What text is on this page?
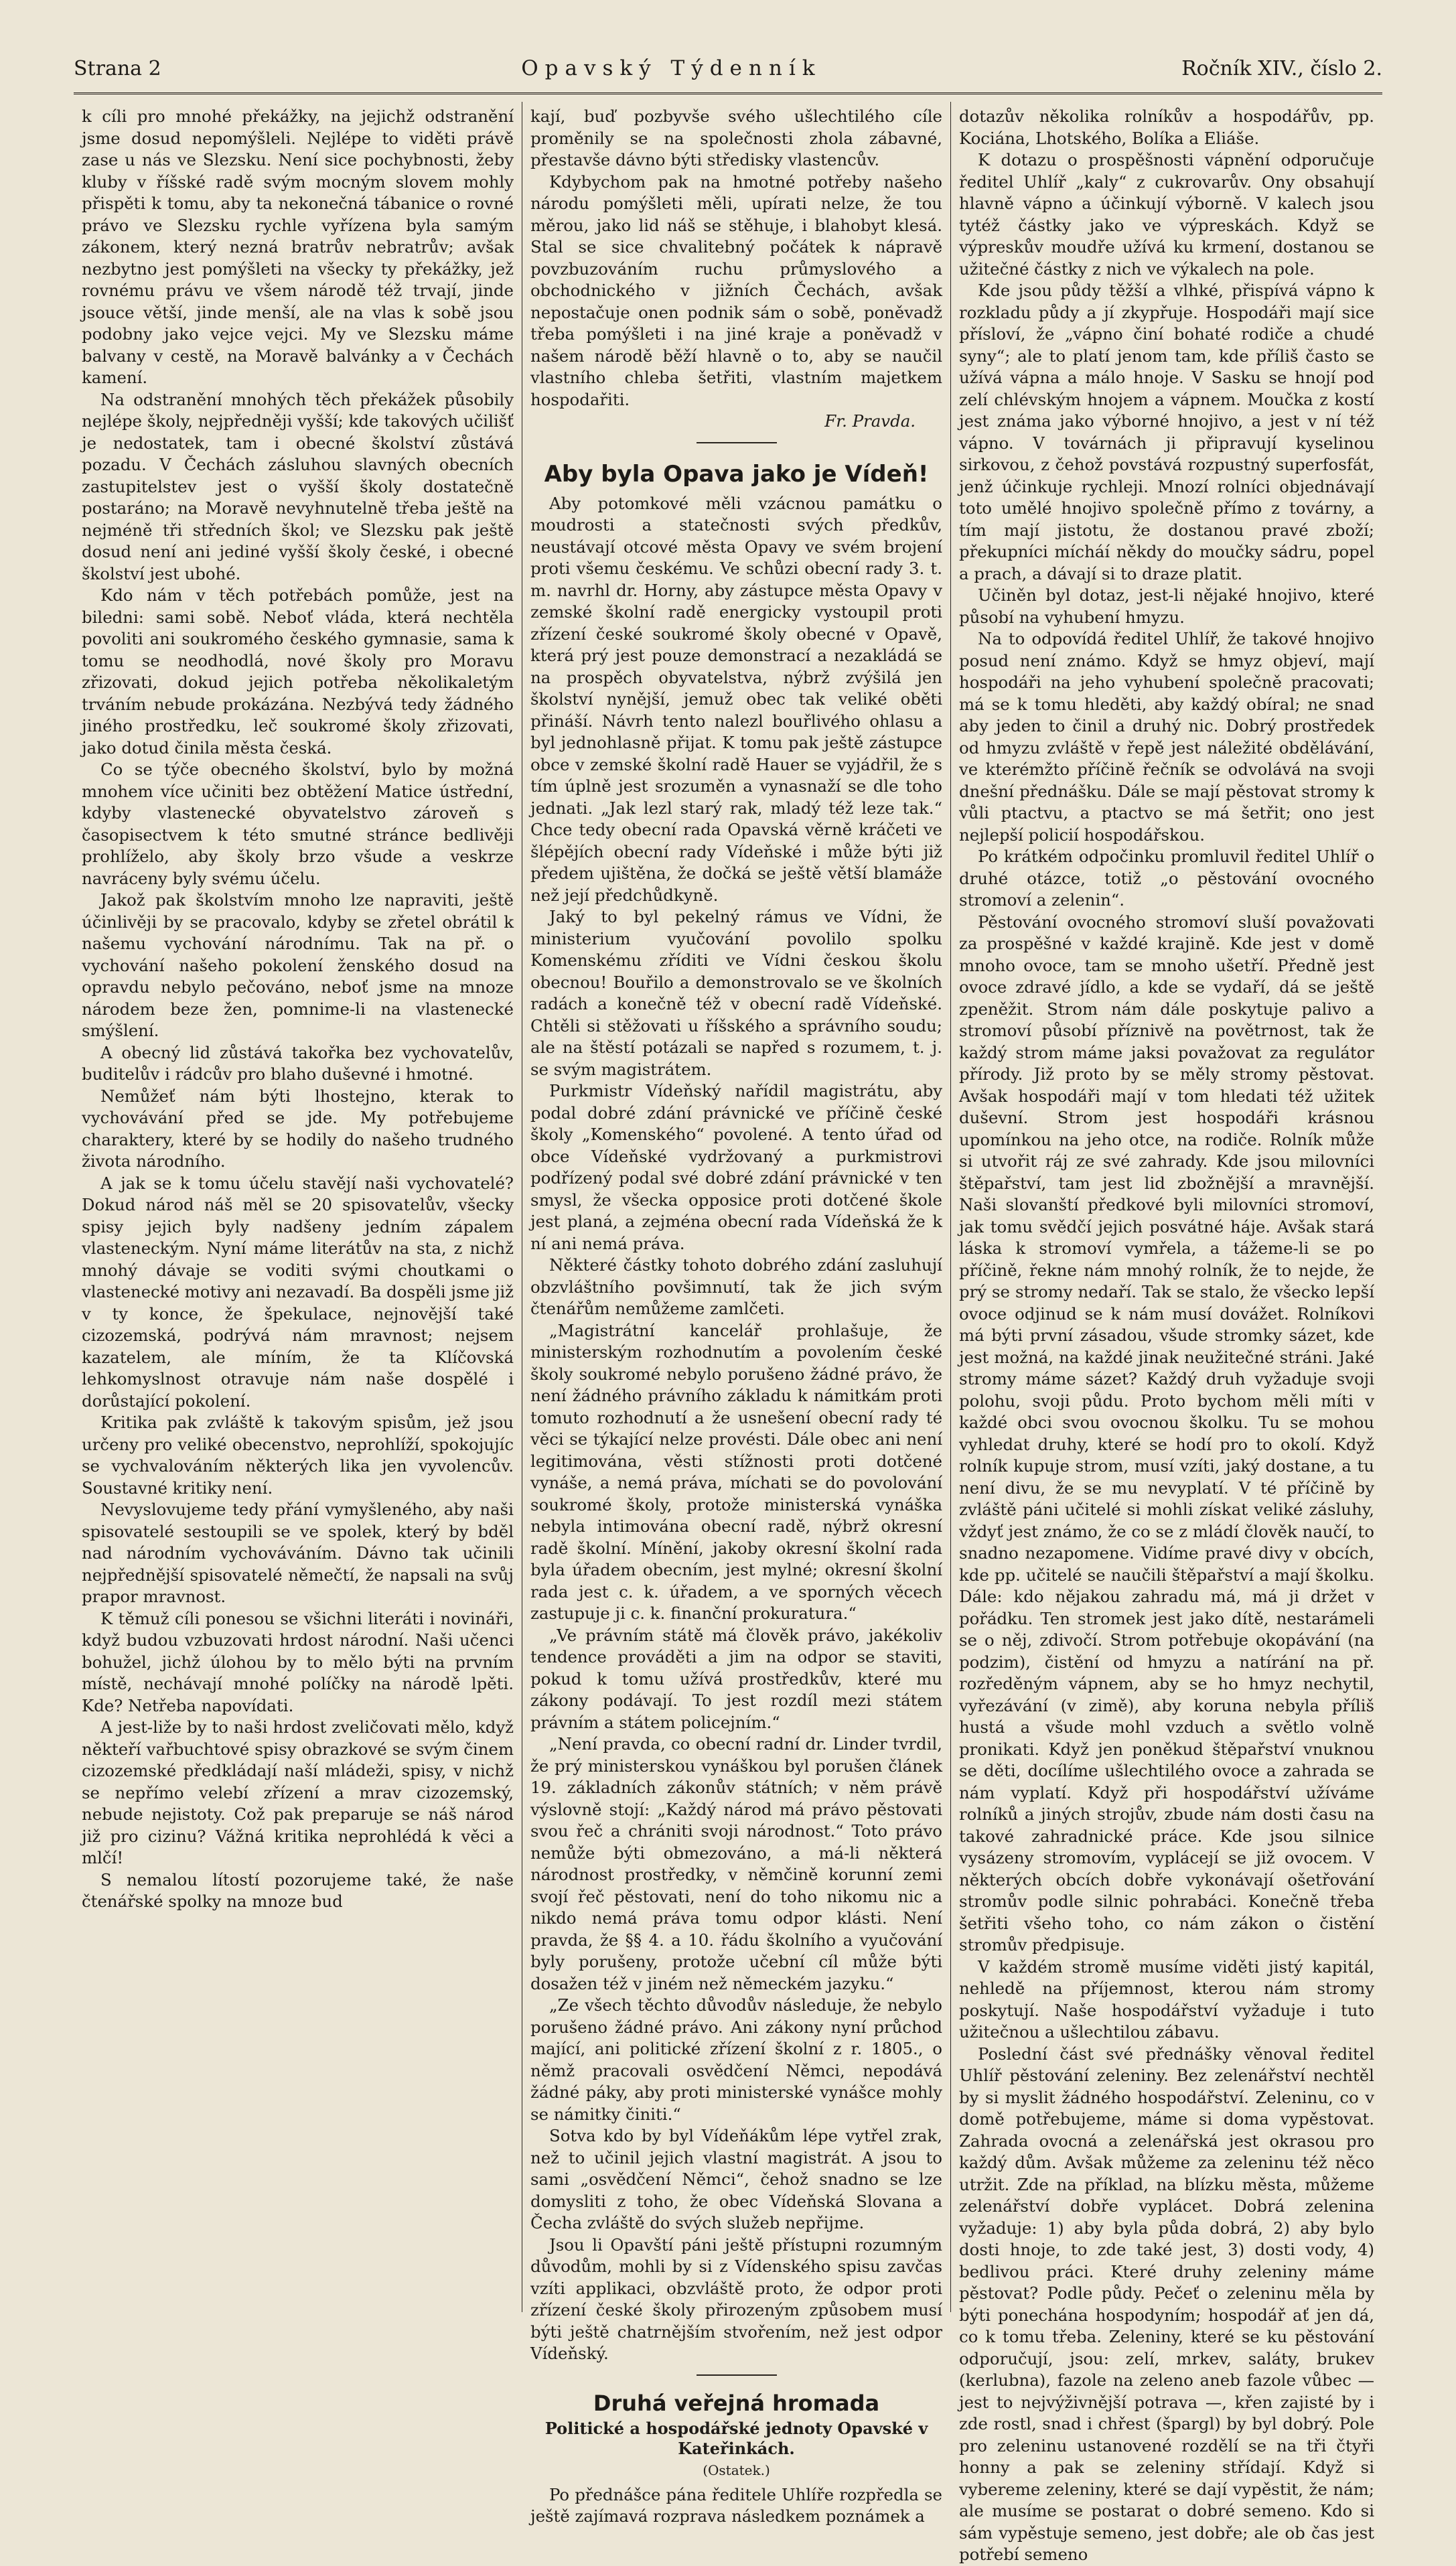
Strana 2	Opavský Týdenník	Ročník XIV., číslo 2.

k cíli pro mnohé překážky, na jejichž odstranění jsme dosud nepomýšleli. Nejlépe to viděti právě zase u nás ve Slezsku. Není sice pochybnosti, žeby kluby v říšské radě svým mocným slovem mohly přispěti k tomu, aby ta nekonečná tábanice o rovné právo ve Slezsku rychle vyřízena byla samým zákonem, který nezná bratrův nebratrův; avšak nezbytno jest pomýšleti na všecky ty překážky, jež rovnému právu ve všem národě též trvají, jinde jsouce větší, jinde menší, ale na vlas k sobě jsou podobny jako vejce vejci. My ve Slezsku máme balvany v cestě, na Moravě balvánky a v Čechách kamení.

Na odstranění mnohých těch překážek působily nejlépe školy, nejpředněji vyšší; kde takových učilišť je nedostatek, tam i obecné školství zůstává pozadu. V Čechách zásluhou slavných obecních zastupitelstev jest o vyšší školy dostatečně postaráno; na Moravě nevyhnutelně třeba ještě na nejméně tři středních škol; ve Slezsku pak ještě dosud není ani jediné vyšší školy české, i obecné školství jest ubohé.

Kdo nám v těch potřebách pomůže, jest na biledni: sami sobě. Neboť vláda, která nechtěla povoliti ani soukromého českého gymnasie, sama k tomu se neodhodlá, nové školy pro Moravu zřizovati, dokud jejich potřeba několikaletým trváním nebude prokázána. Nezbývá tedy žádného jiného prostředku, leč soukromé školy zřizovati, jako dotud činila města česká.

Co se týče obecného školství, bylo by možná mnohem více učiniti bez obtěžení Matice ústřední, kdyby vlastenecké obyvatelstvo zároveň s časopisectvem k této smutné stránce bedlivěji prohlíželo, aby školy brzo všude a veskrze navráceny byly svému účelu.

Jakož pak školstvím mnoho lze napraviti, ještě účinlivěji by se pracovalo, kdyby se zřetel obrátil k našemu vychování národnímu. Tak na př. o vychování našeho pokolení ženského dosud na opravdu nebylo pečováno, neboť jsme na mnoze národem beze žen, pomnime-li na vlastenecké smýšlení.

A obecný lid zůstává takořka bez vychovatelův, buditelův i rádcův pro blaho duševné i hmotné.

Nemůžeť nám býti lhostejno, kterak to vychovávání před se jde. My potřebujeme charaktery, které by se hodily do našeho trudného života národního.

A jak se k tomu účelu stavějí naši vychovatelé? Dokud národ náš měl se 20 spisovatelův, všecky spisy jejich byly nadšeny jedním zápalem vlasteneckým. Nyní máme literátův na sta, z nichž mnohý dávaje se voditi svými choutkami o vlastenecké motivy ani nezavadí. Ba dospěli jsme již v ty konce, že špekulace, nejnovější také cizozemská, podrývá nám mravnost; nejsem kazatelem, ale míním, že ta Klíčovská lehkomyslnost otravuje nám naše dospělé i dorůstající pokolení.

Kritika pak zvláště k takovým spisům, jež jsou určeny pro veliké obecenstvo, neprohlíží, spokojujíc se vychvalováním některých lika jen vyvolencův. Soustavné kritiky není.

Nevyslovujeme tedy přání vymyšleného, aby naši spisovatelé sestoupili se ve spolek, který by bděl nad národním vychováváním. Dávno tak učinili nejpřednější spisovatelé němečtí, že napsali na svůj prapor mravnost.

K těmuž cíli ponesou se všichni literáti i novináři, když budou vzbuzovati hrdost národní. Naši učenci bohužel, jichž úlohou by to mělo býti na prvním místě, nechávají mnohé políčky na národě lpěti. Kde? Netřeba napovídati.

A jest-liže by to naši hrdost zveličovati mělo, když někteří vařbuchtové spisy obrazkové se svým činem cizozemské předkládají naší mládeži, spisy, v nichž se nepřímo velebí zřízení a mrav cizozemský, nebude nejistoty. Což pak preparuje se náš národ již pro cizinu? Vážná kritika neprohlédá k věci a mlčí!

S nemalou lítostí pozorujeme také, že naše čtenářské spolky na mnoze bud

kají, buď pozbyvše svého ušlechtilého cíle proměnily se na společnosti zhola zábavné, přestavše dávno býti středisky vlastencův.

Kdybychom pak na hmotné potřeby našeho národu pomýšleti měli, upírati nelze, že tou měrou, jako lid náš se stěhuje, i blahobyt klesá. Stal se sice chvalitebný počátek k nápravě povzbuzováním ruchu průmyslového a obchodnického v jižních Čechách, avšak nepostačuje onen podnik sám o sobě, poněvadž třeba pomýšleti i na jiné kraje a poněvadž v našem národě běží hlavně o to, aby se naučil vlastního chleba šetřiti, vlastním majetkem hospodařiti.

Fr. Pravda.

Aby byla Opava jako je Vídeň!

Aby potomkové měli vzácnou památku o moudrosti a statečnosti svých předkův, neustávají otcové města Opavy ve svém brojení proti všemu českému. Ve schůzi obecní rady 3. t. m. navrhl dr. Horny, aby zástupce města Opavy v zemské školní radě energicky vystoupil proti zřízení české soukromé školy obecné v Opavě, která prý jest pouze demonstrací a nezakládá se na prospěch obyvatelstva, nýbrž zvýšilá jen školství nynější, jemuž obec tak veliké oběti přináší. Návrh tento nalezl bouřlivého ohlasu a byl jednohlasně přijat. K tomu pak ještě zástupce obce v zemské školní radě Hauer se vyjádřil, že s tím úplně jest srozuměn a vynasnaží se dle toho jednati. „Jak lezl starý rak, mladý též leze tak.“ Chce tedy obecní rada Opavská věrně kráčeti ve šlépějích obecní rady Vídeňské i může býti již předem ujištěna, že dočká se ještě větší blamáže než její předchůdkyně.

Jaký to byl pekelný rámus ve Vídni, že ministerium vyučování povolilo spolku Komenskému zříditi ve Vídni českou školu obecnou! Bouřilo a demonstrovalo se ve školních radách a konečně též v obecní radě Vídeňské. Chtěli si stěžovati u říšského a správního soudu; ale na štěstí potázali se napřed s rozumem, t. j. se svým magistrátem.

Purkmistr Vídeňský nařídil magistrátu, aby podal dobré zdání právnické ve příčině české školy „Komenského“ povolené. A tento úřad od obce Vídeňské vydržovaný a purkmistrovi podřízený podal své dobré zdání právnické v ten smysl, že všecka opposice proti dotčené škole jest planá, a zejména obecní rada Vídeňská že k ní ani nemá práva.

Některé částky tohoto dobrého zdání zasluhují obzvláštního povšimnutí, tak že jich svým čtenářům nemůžeme zamlčeti.

„Magistrátní kancelář prohlašuje, že ministerským rozhodnutím a povolením české školy soukromé nebylo porušeno žádné právo, že není žádného právního základu k námitkám proti tomuto rozhodnutí a že usnešení obecní rady té věci se týkající nelze provésti. Dále obec ani není legitimována, věsti stížnosti proti dotčené vynáše, a nemá práva, míchati se do povolování soukromé školy, protože ministerská vynáška nebyla intimována obecní radě, nýbrž okresní radě školní. Mínění, jakoby okresní školní rada byla úřadem obecním, jest mylné; okresní školní rada jest c. k. úřadem, a ve sporných věcech zastupuje ji c. k. finanční prokuratura.“

„Ve právním státě má člověk právo, jakékoliv tendence prováděti a jim na odpor se staviti, pokud k tomu užívá prostředkův, které mu zákony podávají. To jest rozdíl mezi státem právním a státem policejním.“

„Není pravda, co obecní radní dr. Linder tvrdil, že prý ministerskou vynáškou byl porušen článek 19. základních zákonův státních; v něm právě výslovně stojí: „Každý národ má právo pěstovati svou řeč a chrániti svoji národnost.“ Toto právo nemůže býti obmezováno, a má-li některá národnost prostředky, v němčině korunní zemi svojí řeč pěstovati, není do toho nikomu nic a nikdo nemá práva tomu odpor klásti. Není pravda, že §§ 4. a 10. řádu školního a vyučování byly porušeny, protože učební cíl může býti dosažen též v jiném než německém jazyku.“

„Ze všech těchto důvodův následuje, že nebylo porušeno žádné právo. Ani zákony nyní průchod mající, ani politické zřízení školní z r. 1805., o němž pracovali osvědčení Němci, nepodává žádné páky, aby proti ministerské vynášce mohly se námitky činiti.“

Sotva kdo by byl Vídeňákům lépe vytřel zrak, než to učinil jejich vlastní magistrát. A jsou to sami „osvědčení Němci“, čehož snadno se lze domysliti z toho, že obec Vídeňská Slovana a Čecha zvláště do svých služeb nepřijme.

Jsou li Opavští páni ještě přístupni rozumným důvodům, mohli by si z Vídenského spisu zavčas vzíti applikaci, obzvláště proto, že odpor proti zřízení české školy přirozeným způsobem musí býti ještě chatrnějším stvořením, než jest odpor Vídeňský.

Druhá veřejná hromada
Politické a hospodářské jednoty Opavské v Kateřinkách.
(Ostatek.)

Po přednášce pána ředitele Uhlíře rozpředla se ještě zajímavá rozprava následkem poznámek a

dotazův několika rolníkův a hospodářův, pp. Kociána, Lhotského, Bolíka a Eliáše.

K dotazu o prospěšnosti vápnění odporučuje ředitel Uhlíř „kaly“ z cukrovarův. Ony obsahují hlavně vápno a účinkují výborně. V kalech jsou tytéž částky jako ve výpreskách. Když se výpreskův moudře užívá ku krmení, dostanou se užitečné částky z nich ve výkalech na pole.

Kde jsou půdy těžší a vlhké, přispívá vápno k rozkladu půdy a jí zkypřuje. Hospodáři mají sice přísloví, že „vápno činí bohaté rodiče a chudé syny“; ale to platí jenom tam, kde příliš často se užívá vápna a málo hnoje. V Sasku se hnojí pod zelí chlévským hnojem a vápnem. Moučka z kostí jest známa jako výborné hnojivo, a jest v ní též vápno. V továrnách ji připravují kyselinou sirkovou, z čehož povstává rozpustný superfosfát, jenž účinkuje rychleji. Mnozí rolníci objednávají toto umělé hnojivo společně přímo z továrny, a tím mají jistotu, že dostanou pravé zboží; překupníci mícháí někdy do moučky sádru, popel a prach, a dávají si to draze platit.

Učiněn byl dotaz, jest-li nějaké hnojivo, které působí na vyhubení hmyzu.

Na to odpovídá ředitel Uhlíř, že takové hnojivo posud není známo. Když se hmyz objeví, mají hospodáři na jeho vyhubení společně pracovati; má se k tomu hleděti, aby každý obíral; ne snad aby jeden to činil a druhý nic. Dobrý prostředek od hmyzu zvláště v řepě jest náležité obdělávání, ve kterémžto příčině řečník se odvolává na svoji dnešní přednášku. Dále se mají pěstovat stromy k vůli ptactvu, a ptactvo se má šetřit; ono jest nejlepší policií hospodářskou.

Po krátkém odpočinku promluvil ředitel Uhlíř o druhé otázce, totiž „o pěstování ovocného stromoví a zelenin“.

Pěstování ovocného stromoví sluší považovati za prospěšné v každé krajině. Kde jest v domě mnoho ovoce, tam se mnoho ušetří. Předně jest ovoce zdravé jídlo, a kde se vydaří, dá se ještě zpeněžit. Strom nám dále poskytuje palivo a stromoví působí příznivě na povětrnost, tak že každý strom máme jaksi považovat za regulátor přírody. Již proto by se měly stromy pěstovat. Avšak hospodáři mají v tom hledati též užitek duševní. Strom jest hospodáři krásnou upomínkou na jeho otce, na rodiče. Rolník může si utvořit ráj ze své zahrady. Kde jsou milovníci štěpařství, tam jest lid zbožnější a mravnější. Naši slovanští předkové byli milovníci stromoví, jak tomu svědčí jejich posvátné háje. Avšak stará láska k stromoví vymřela, a tážeme-li se po příčině, řekne nám mnohý rolník, že to nejde, že prý se stromy nedaří. Tak se stalo, že všecko lepší ovoce odjinud se k nám musí dovážet. Rolníkovi má býti první zásadou, všude stromky sázet, kde jest možná, na každé jinak neužitečné stráni. Jaké stromy máme sázet? Každý druh vyžaduje svoji polohu, svoji půdu. Proto bychom měli míti v každé obci svou ovocnou školku. Tu se mohou vyhledat druhy, které se hodí pro to okolí. Když rolník kupuje strom, musí vzíti, jaký dostane, a tu není divu, že se mu nevyplatí. V té příčině by zvláště páni učitelé si mohli získat veliké zásluhy, vždyť jest známo, že co se z mládí člověk naučí, to snadno nezapomene. Vidíme pravé divy v obcích, kde pp. učitelé se naučili štěpařství a mají školku. Dále: kdo nějakou zahradu má, má ji držet v pořádku. Ten stromek jest jako dítě, nestarámeli se o něj, zdivočí. Strom potřebuje okopávání (na podzim), čistění od hmyzu a natírání na př. rozředěným vápnem, aby se ho hmyz nechytil, vyřezávání (v zimě), aby koruna nebyla příliš hustá a všude mohl vzduch a světlo volně pronikati. Když jen poněkud štěpařství vnuknou se děti, docílíme ušlechtilého ovoce a zahrada se nám vyplatí. Když při hospodářství užíváme rolníků a jiných strojův, zbude nám dosti času na takové zahradnické práce. Kde jsou silnice vysázeny stromovím, vyplácejí se již ovocem. V některých obcích dobře vykonávají ošetřování stromův podle silnic pohrabáci. Konečně třeba šetřiti všeho toho, co nám zákon o čistění stromův předpisuje.

V každém stromě musíme viděti jistý kapitál, nehledě na příjemnost, kterou nám stromy poskytují. Naše hospodářství vyžaduje i tuto užitečnou a ušlechtilou zábavu.

Poslední část své přednášky věnoval ředitel Uhlíř pěstování zeleniny. Bez zelenářství nechtěl by si myslit žádného hospodářství. Zeleninu, co v domě potřebujeme, máme si doma vypěstovat. Zahrada ovocná a zelenářská jest okrasou pro každý dům. Avšak můžeme za zeleninu též něco utržit. Zde na příklad, na blízku města, můžeme zelenářství dobře vyplácet. Dobrá zelenina vyžaduje: 1) aby byla půda dobrá, 2) aby bylo dosti hnoje, to zde také jest, 3) dosti vody, 4) bedlivou práci. Které druhy zeleniny máme pěstovat? Podle půdy. Pečeť o zeleninu měla by býti ponechána hospodyním; hospodář ať jen dá, co k tomu třeba. Zeleniny, které se ku pěstování odporučují, jsou: zelí, mrkev, saláty, brukev (kerlubna), fazole na zeleno aneb fazole vůbec — jest to nejvýživnější potrava —, křen zajisté by i zde rostl, snad i chřest (špargl) by byl dobrý. Pole pro zeleninu ustanovené rozdělí se na tři čtyři honny a pak se zeleniny střídají. Když si vybereme zeleniny, které se dají vypěstit, že nám; ale musíme se postarat o dobré semeno. Kdo si sám vypěstuje semeno, jest dobře; ale ob čas jest potřebí semeno
